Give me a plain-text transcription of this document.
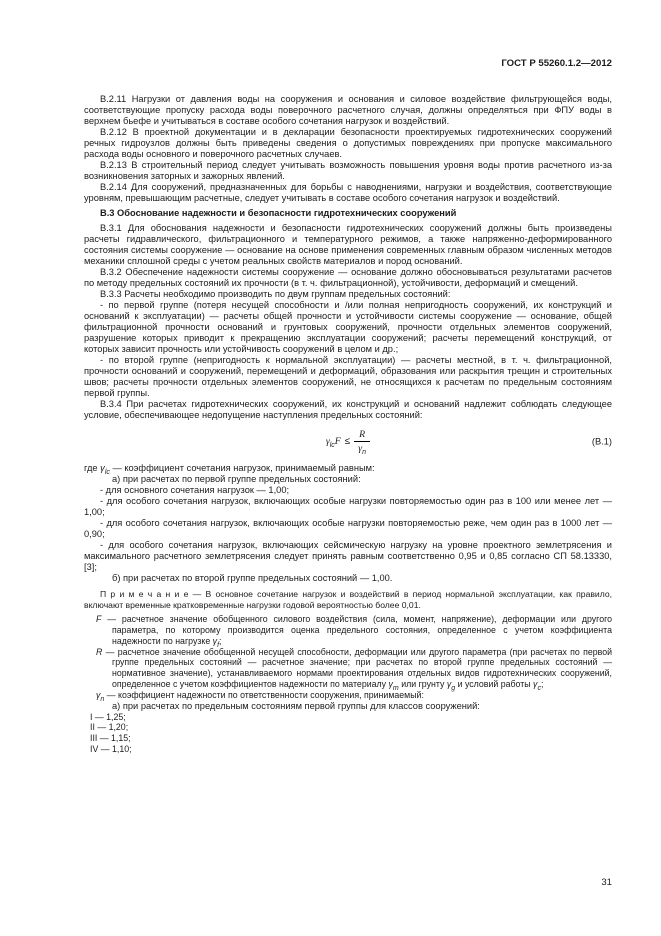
ГОСТ Р 55260.1.2—2012

В.2.11 Нагрузки от давления воды на сооружения и основания и силовое воздействие фильтрующейся воды, соответствующие пропуску расхода воды поверочного расчетного случая, должны определяться при ФПУ воды в верхнем бьефе и учитываться в составе особого сочетания нагрузок и воздействий.

В.2.12 В проектной документации и в декларации безопасности проектируемых гидротехнических сооружений речных гидроузлов должны быть приведены сведения о допустимых повреждениях при пропуске максимального расхода воды основного и поверочного расчетных случаев.

В.2.13 В строительный период следует учитывать возможность повышения уровня воды против расчетного из-за возникновения заторных и зажорных явлений.

В.2.14 Для сооружений, предназначенных для борьбы с наводнениями, нагрузки и воздействия, соответствующие уровням, превышающим расчетные, следует учитывать в составе особого сочетания нагрузок и воздействий.

В.3 Обоснование надежности и безопасности гидротехнических сооружений

В.3.1 Для обоснования надежности и безопасности гидротехнических сооружений должны быть произведены расчеты гидравлического, фильтрационного и температурного режимов, а также напряженно-деформированного состояния системы сооружение — основание на основе применения современных главным образом численных методов механики сплошной среды с учетом реальных свойств материалов и пород оснований.

В.3.2 Обеспечение надежности системы сооружение — основание должно обосновываться результатами расчетов по методу предельных состояний их прочности (в т. ч. фильтрационной), устойчивости, деформаций и смещений.

В.3.3 Расчеты необходимо производить по двум группам предельных состояний:

- по первой группе (потеря несущей способности и /или полная непригодность сооружений, их конструкций и оснований к эксплуатации) — расчеты общей прочности и устойчивости системы сооружение — основание, общей фильтрационной прочности оснований и грунтовых сооружений, прочности отдельных элементов сооружений, разрушение которых приводит к прекращению эксплуатации сооружений; расчеты перемещений конструкций, от которых зависит прочность или устойчивость сооружений в целом и др.;

- по второй группе (непригодность к нормальной эксплуатации) — расчеты местной, в т. ч. фильтрационной, прочности оснований и сооружений, перемещений и деформаций, образования или раскрытия трещин и строительных швов; расчеты прочности отдельных элементов сооружений, не относящихся к расчетам по предельным состояниям первой группы.

В.3.4 При расчетах гидротехнических сооружений, их конструкций и оснований надлежит соблюдать следующее условие, обеспечивающее недопущение наступления предельных состояний:

$\gamma_{lc}F \le \frac{R}{\gamma_n}$	(В.1)

где $\gamma_{lc}$ — коэффициент сочетания нагрузок, принимаемый равным:

а) при расчетах по первой группе предельных состояний:

- для основного сочетания нагрузок — 1,00;

- для особого сочетания нагрузок, включающих особые нагрузки повторяемостью один раз в 100 или менее лет — 1,00;

- для особого сочетания нагрузок, включающих особые нагрузки повторяемостью реже, чем один раз в 1000 лет — 0,90;

- для особого сочетания нагрузок, включающих сейсмическую нагрузку на уровне проектного землетрясения и максимального расчетного землетрясения следует принять равным соответственно 0,95 и 0,85 согласно СП 58.13330, [3];

б) при расчетах по второй группе предельных состояний — 1,00.

П р и м е ч а н и е — В основное сочетание нагрузок и воздействий в период нормальной эксплуатации, как правило, включают временные кратковременные нагрузки годовой вероятностью более 0,01.

F — расчетное значение обобщенного силового воздействия (сила, момент, напряжение), деформации или другого параметра, по которому производится оценка предельного состояния, определенное с учетом коэффициента надежности по нагрузке $\gamma_f$;

R — расчетное значение обобщенной несущей способности, деформации или другого параметра (при расчетах по первой группе предельных состояний — расчетное значение; при расчетах по второй группе предельных состояний — нормативное значение), устанавливаемого нормами проектирования отдельных видов гидротехнических сооружений, определенное с учетом коэффициентов надежности по материалу $\gamma_m$ или грунту $\gamma_g$ и условий работы $\gamma_c$;

$\gamma_n$ — коэффициент надежности по ответственности сооружения, принимаемый:

а) при расчетах по предельным состояниям первой группы для классов сооружений:

I — 1,25;

II — 1,20;

III — 1,15;

IV — 1,10;

31
